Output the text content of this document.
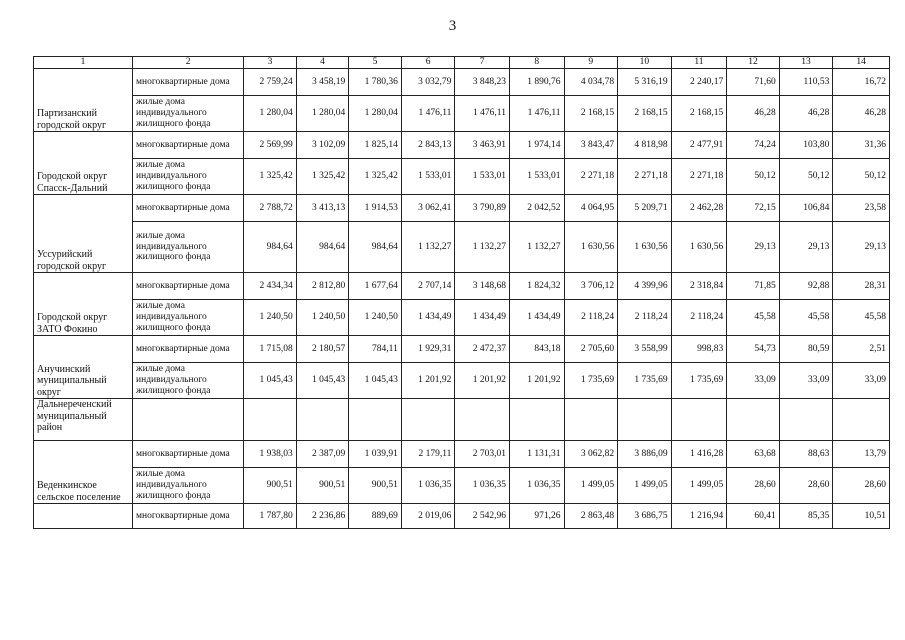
3
1	2	3	4	5	6	7	8	9	10	11	12	13	14
Партизанский городской округ	многоквартирные дома	2 759,24	3 458,19	1 780,36	3 032,79	3 848,23	1 890,76	4 034,78	5 316,19	2 240,17	71,60	110,53	16,72
	жилые дома индивидуального жилищного фонда	1 280,04	1 280,04	1 280,04	1 476,11	1 476,11	1 476,11	2 168,15	2 168,15	2 168,15	46,28	46,28	46,28
Городской округ Спасск-Дальний	многоквартирные дома	2 569,99	3 102,09	1 825,14	2 843,13	3 463,91	1 974,14	3 843,47	4 818,98	2 477,91	74,24	103,80	31,36
	жилые дома индивидуального жилищного фонда	1 325,42	1 325,42	1 325,42	1 533,01	1 533,01	1 533,01	2 271,18	2 271,18	2 271,18	50,12	50,12	50,12
Уссурийский городской округ	многоквартирные дома	2 788,72	3 413,13	1 914,53	3 062,41	3 790,89	2 042,52	4 064,95	5 209,71	2 462,28	72,15	106,84	23,58
	жилые дома индивидуального жилищного фонда	984,64	984,64	984,64	1 132,27	1 132,27	1 132,27	1 630,56	1 630,56	1 630,56	29,13	29,13	29,13
Городской округ ЗАТО Фокино	многоквартирные дома	2 434,34	2 812,80	1 677,64	2 707,14	3 148,68	1 824,32	3 706,12	4 399,96	2 318,84	71,85	92,88	28,31
	жилые дома индивидуального жилищного фонда	1 240,50	1 240,50	1 240,50	1 434,49	1 434,49	1 434,49	2 118,24	2 118,24	2 118,24	45,58	45,58	45,58
Анучинский муниципальный округ	многоквартирные дома	1 715,08	2 180,57	784,11	1 929,31	2 472,37	843,18	2 705,60	3 558,99	998,83	54,73	80,59	2,51
	жилые дома индивидуального жилищного фонда	1 045,43	1 045,43	1 045,43	1 201,92	1 201,92	1 201,92	1 735,69	1 735,69	1 735,69	33,09	33,09	33,09
Дальнереченский муниципальный район													
Веденкинское сельское поселение	многоквартирные дома	1 938,03	2 387,09	1 039,91	2 179,11	2 703,01	1 131,31	3 062,82	3 886,09	1 416,28	63,68	88,63	13,79
	жилые дома индивидуального жилищного фонда	900,51	900,51	900,51	1 036,35	1 036,35	1 036,35	1 499,05	1 499,05	1 499,05	28,60	28,60	28,60
	многоквартирные дома	1 787,80	2 236,86	889,69	2 019,06	2 542,96	971,26	2 863,48	3 686,75	1 216,94	60,41	85,35	10,51
